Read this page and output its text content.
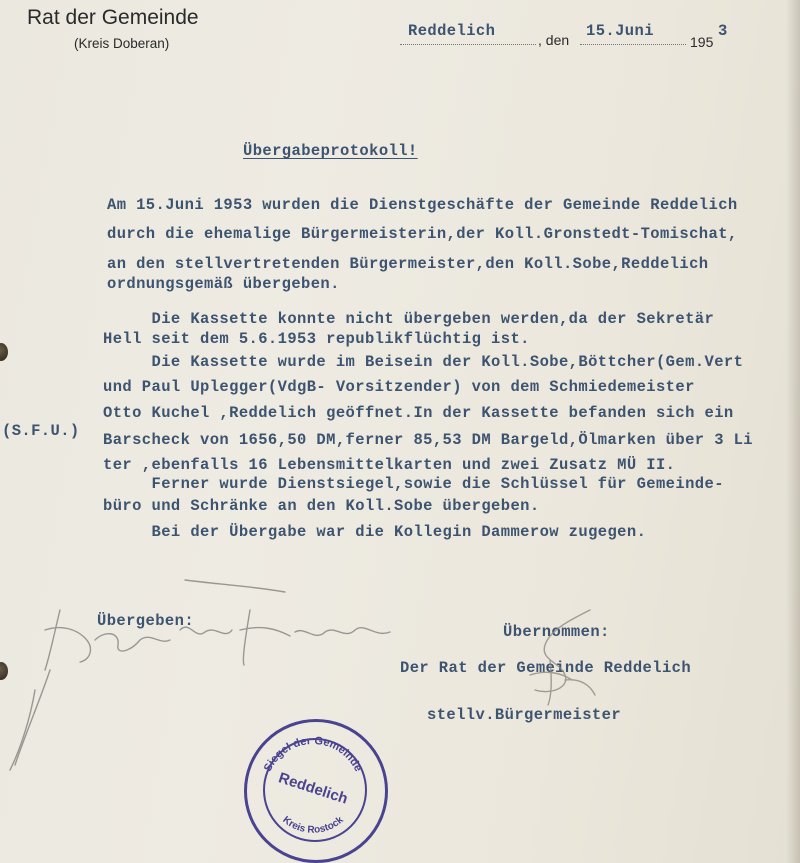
Rat der Gemeinde
(Kreis Doberan)
Reddelich	, den 15.Juni
195
3
Übergabeprotokoll!
Am 15.Juni 1953 wurden die Dienstgeschäfte der Gemeinde Reddelich
durch die ehemalige Bürgermeisterin,der Koll.Gronstedt-Tomischat,
an den stellvertretenden Bürgermeister,den Koll.Sobe,Reddelich
ordnungsgemäß übergeben.
Die Kassette konnte nicht übergeben werden,da der Sekretär
Hell seit dem 5.6.1953 republikflüchtig ist.
Die Kassette wurde im Beisein der Koll.Sobe,Böttcher(Gem.Vert
und Paul Uplegger(VdgB- Vorsitzender) von dem Schmiedemeister
Otto Kuchel ,Reddelich geöffnet.In der Kassette befanden sich ein
(S.F.U.) Barscheck von 1656,50 DM,ferner 85,53 DM Bargeld,Ölmarken über 3 Li
ter ,ebenfalls 16 Lebensmittelkarten und zwei Zusatz MÜ II.
Ferner wurde Dienstsiegel,sowie die Schlüssel für Gemeinde-
büro und Schränke an den Koll.Sobe übergeben.
Bei der Übergabe war die Kollegin Dammerow zugegen.
Übergeben:
Übernommen:
Der Rat der Gemeinde Reddelich
stellv.Bürgermeister
Siegel der Gemeinde
Reddelich
Kreis Rostock
